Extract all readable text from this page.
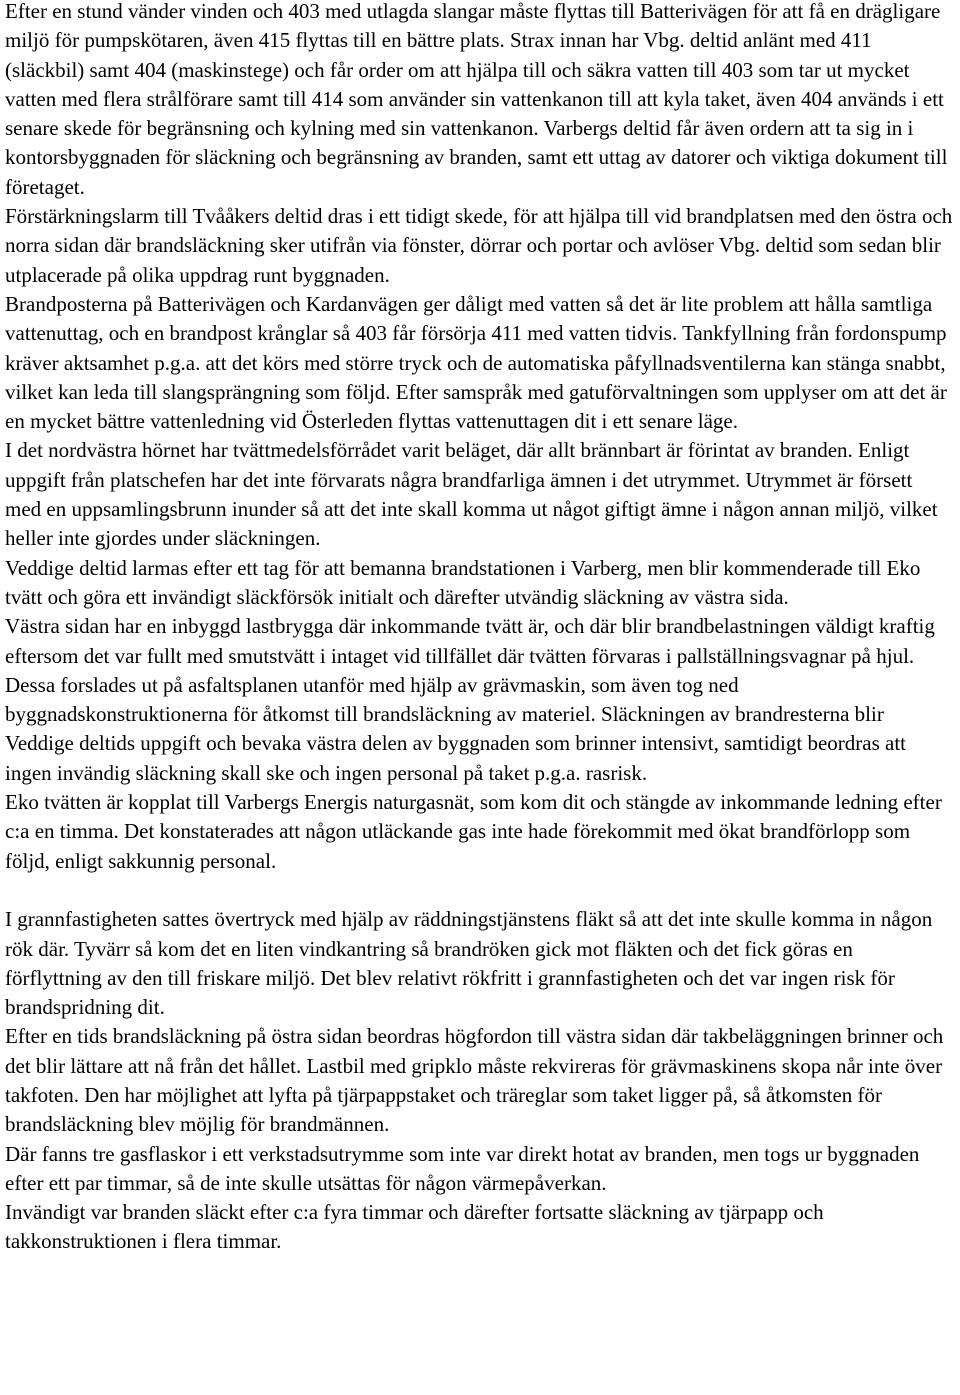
Efter en stund vänder vinden och 403 med utlagda slangar måste flyttas till Batterivägen för att få en drägligare miljö för pumpskötaren, även 415 flyttas till en bättre plats. Strax innan har Vbg. deltid anlänt med 411 (släckbil) samt 404 (maskinstege) och får order om att hjälpa till och säkra vatten till 403 som tar ut mycket vatten med flera strålförare samt till 414 som använder sin vattenkanon till att kyla taket, även 404 används i ett senare skede för begränsning och kylning med sin vattenkanon. Varbergs deltid får även ordern att ta sig in i kontorsbyggnaden för släckning och begränsning av branden, samt ett uttag av datorer och viktiga dokument till företaget.

Förstärkningslarm till Tvååkers deltid dras i ett tidigt skede, för att hjälpa till vid brandplatsen med den östra och norra sidan där brandsläckning sker utifrån via fönster, dörrar och portar och avlöser Vbg. deltid som sedan blir utplacerade på olika uppdrag runt byggnaden.

Brandposterna på Batterivägen och Kardanvägen ger dåligt med vatten så det är lite problem att hålla samtliga vattenuttag, och en brandpost krånglar så 403 får försörja 411 med vatten tidvis. Tankfyllning från fordonspump kräver aktsamhet p.g.a. att det körs med större tryck och de automatiska påfyllnadsventilerna kan stänga snabbt, vilket kan leda till slangsprängning som följd. Efter samspråk med gatuförvaltningen som upplyser om att det är en mycket bättre vattenledning vid Österleden flyttas vattenuttagen dit i ett senare läge.

I det nordvästra hörnet har tvättmedelsförrådet varit beläget, där allt brännbart är förintat av branden. Enligt uppgift från platschefen har det inte förvarats några brandfarliga ämnen i det utrymmet. Utrymmet är försett med en uppsamlingsbrunn inunder så att det inte skall komma ut något giftigt ämne i någon annan miljö, vilket heller inte gjordes under släckningen.

Veddige deltid larmas efter ett tag för att bemanna brandstationen i Varberg, men blir kommenderade till Eko tvätt och göra ett invändigt släckförsök initialt och därefter utvändig släckning av västra sida.

Västra sidan har en inbyggd lastbrygga där inkommande tvätt är, och där blir brandbelastningen väldigt kraftig eftersom det var fullt med smutstvätt i intaget vid tillfället där tvätten förvaras i pallställningsvagnar på hjul. Dessa forslades ut på asfaltsplanen utanför med hjälp av grävmaskin, som även tog ned byggnadskonstruktionerna för åtkomst till brandsläckning av materiel. Släckningen av brandresterna blir Veddige deltids uppgift och bevaka västra delen av byggnaden som brinner intensivt, samtidigt beordras att ingen invändig släckning skall ske och ingen personal på taket p.g.a. rasrisk.

Eko tvätten är kopplat till Varbergs Energis naturgasnät, som kom dit och stängde av inkommande ledning efter c:a en timma. Det konstaterades att någon utläckande gas inte hade förekommit med ökat brandförlopp som följd, enligt sakkunnig personal.

I grannfastigheten sattes övertryck med hjälp av räddningstjänstens fläkt så att det inte skulle komma in någon rök där. Tyvärr så kom det en liten vindkantring så brandröken gick mot fläkten och det fick göras en förflyttning av den till friskare miljö. Det blev relativt rökfritt i grannfastigheten och det var ingen risk för brandspridning dit.

Efter en tids brandsläckning på östra sidan beordras högfordon till västra sidan där takbeläggningen brinner och det blir lättare att nå från det hållet. Lastbil med gripklo måste rekvireras för grävmaskinens skopa når inte över takfoten. Den har möjlighet att lyfta på tjärpappstaket och träreglar som taket ligger på, så åtkomsten för brandsläckning blev möjlig för brandmännen.

Där fanns tre gasflaskor i ett verkstadsutrymme som inte var direkt hotat av branden, men togs ur byggnaden efter ett par timmar, så de inte skulle utsättas för någon värmepåverkan.

Invändigt var branden släckt efter c:a fyra timmar och därefter fortsatte släckning av tjärpapp och takkonstruktionen i flera timmar.
